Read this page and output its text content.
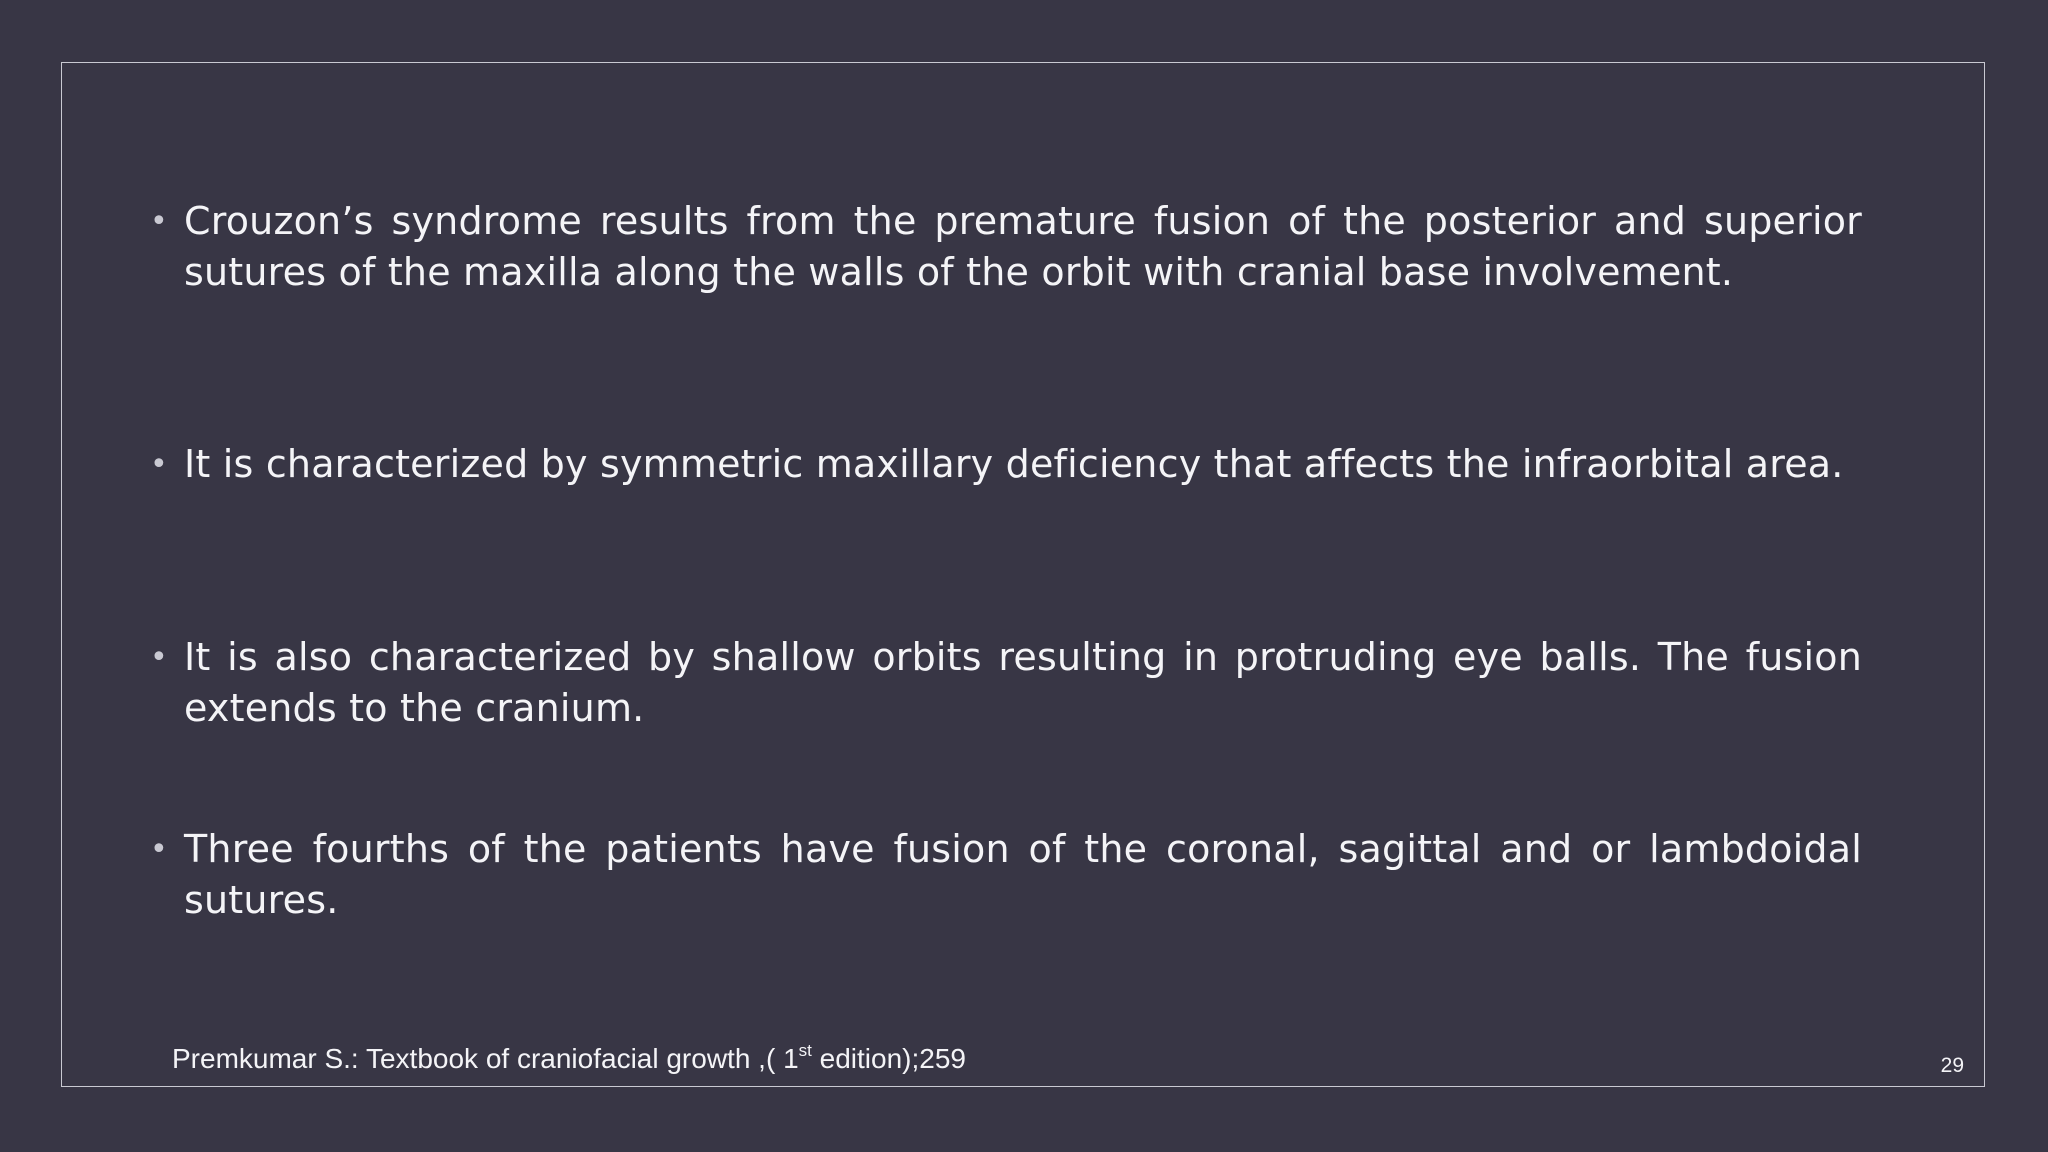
• Crouzon’s syndrome results from the premature fusion of the posterior and superior sutures of the maxilla along the walls of the orbit with cranial base involvement.
• It is characterized by symmetric maxillary deficiency that affects the infraorbital area.
• It is also characterized by shallow orbits resulting in protruding eye balls. The fusion extends to the cranium.
• Three fourths of the patients have fusion of the coronal, sagittal and or lambdoidal sutures.
Premkumar S.: Textbook of craniofacial growth ,( 1st edition);259	29
